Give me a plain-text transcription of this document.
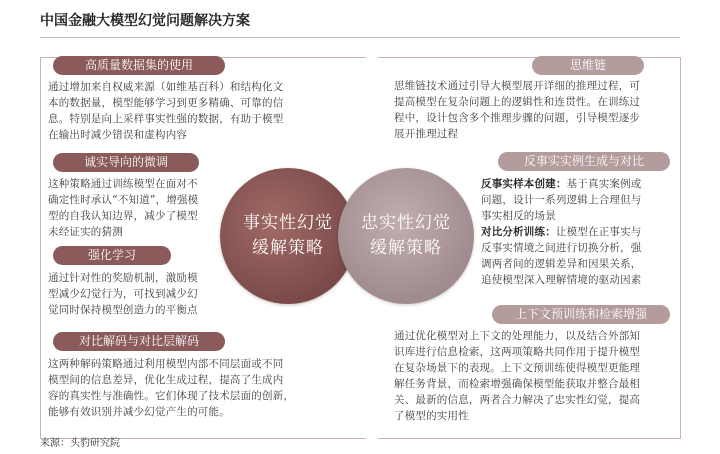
中国金融大模型幻觉问题解决方案
高质量数据集的使用
通过增加来自权威来源（如维基百科）和结构化文
本的数据量，模型能够学习到更多精确、可靠的信
息。特别是向上采样事实性强的数据，有助于模型
在输出时减少错误和虚构内容
诚实导向的微调
这种策略通过训练模型在面对不
确定性时承认“不知道”，增强模
型的自我认知边界，减少了模型
未经证实的猜测
强化学习
通过针对性的奖励机制，激励模
型减少幻觉行为，可找到减少幻
觉同时保持模型创造力的平衡点
对比解码与对比层解码
这两种解码策略通过利用模型内部不同层面或不同
模型间的信息差异，优化生成过程，提高了生成内
容的真实性与准确性。它们体现了技术层面的创新，
能够有效识别并减少幻觉产生的可能。
思维链
思维链技术通过引导大模型展开详细的推理过程，可
提高模型在复杂问题上的逻辑性和连贯性。在训练过
程中，设计包含多个推理步骤的问题，引导模型逐步
展开推理过程
反事实实例生成与对比
反事实样本创建：基于真实案例或
问题，设计一系列逻辑上合理但与
事实相反的场景
对比分析训练：让模型在正事实与
反事实情境之间进行切换分析，强
调两者间的逻辑差异和因果关系，
追使模型深入理解情境的驱动因素
上下文预训练和检索增强
通过优化模型对上下文的处理能力，以及结合外部知
识库进行信息检索，这两项策略共同作用于提升模型
在复杂场景下的表现。上下文预训练使得模型更能理
解任务背景，而检索增强确保模型能获取并整合最相
关、最新的信息，两者合力解决了忠实性幻觉，提高
了模型的实用性
事实性幻觉
缓解策略
忠实性幻觉
缓解策略
来源：头豹研究院
